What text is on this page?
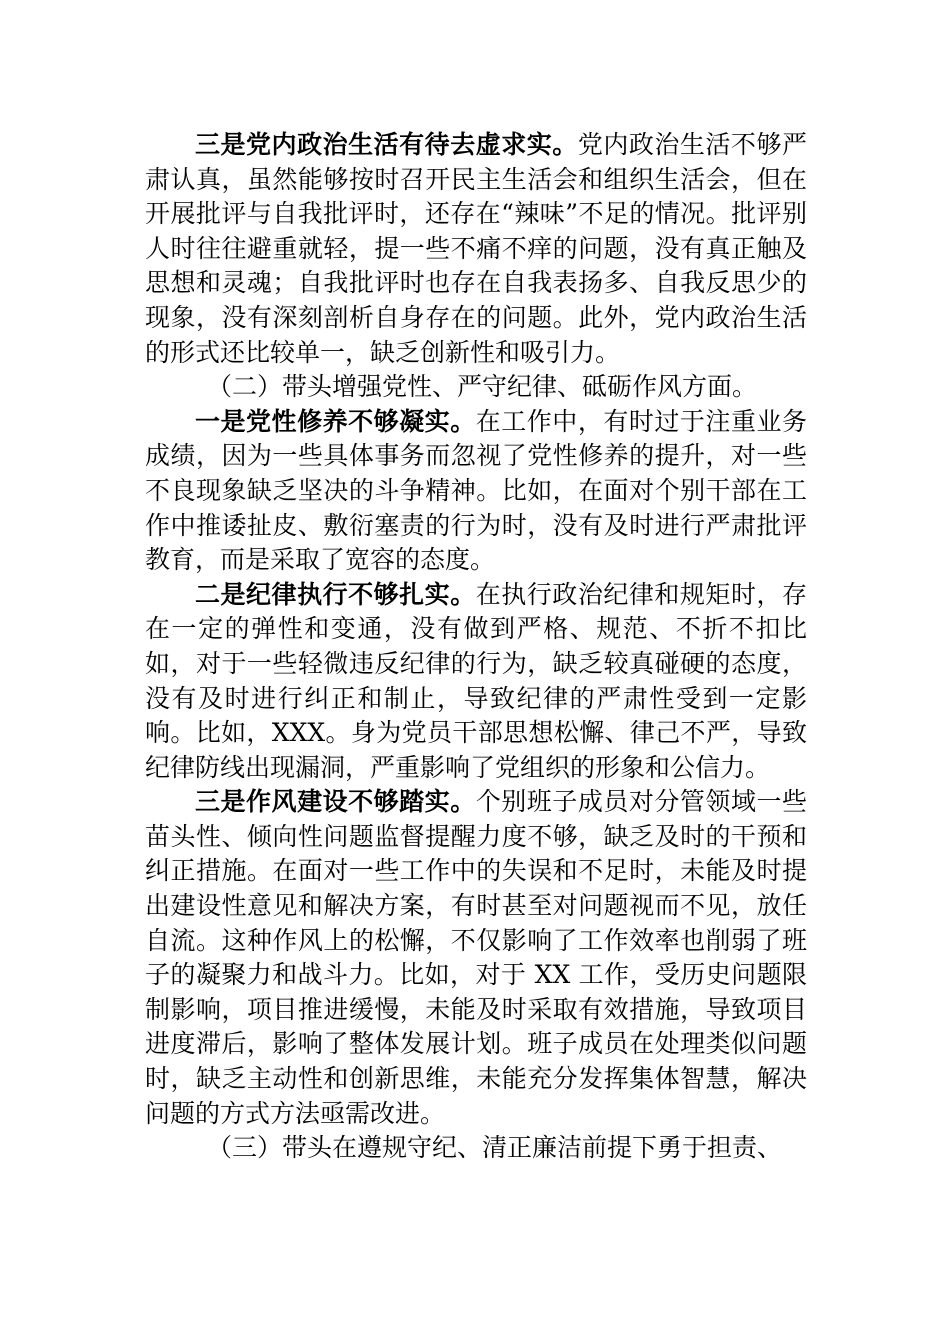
三是党内政治生活有待去虚求实。党内政治生活不够严肃认真，虽然能够按时召开民主生活会和组织生活会，但在开展批评与自我批评时，还存在“辣味”不足的情况。批评别人时往往避重就轻，提一些不痛不痒的问题，没有真正触及思想和灵魂；自我批评时也存在自我表扬多、自我反思少的现象，没有深刻剖析自身存在的问题。此外，党内政治生活的形式还比较单一，缺乏创新性和吸引力。

（二）带头增强党性、严守纪律、砥砺作风方面。

一是党性修养不够凝实。在工作中，有时过于注重业务成绩，因为一些具体事务而忽视了党性修养的提升，对一些不良现象缺乏坚决的斗争精神。比如，在面对个别干部在工作中推诿扯皮、敷衍塞责的行为时，没有及时进行严肃批评教育，而是采取了宽容的态度。

二是纪律执行不够扎实。在执行政治纪律和规矩时，存在一定的弹性和变通，没有做到严格、规范、不折不扣比如，对于一些轻微违反纪律的行为，缺乏较真碰硬的态度，没有及时进行纠正和制止，导致纪律的严肃性受到一定影响。比如，XXX。身为党员干部思想松懈、律己不严，导致纪律防线出现漏洞，严重影响了党组织的形象和公信力。

三是作风建设不够踏实。个别班子成员对分管领域一些苗头性、倾向性问题监督提醒力度不够，缺乏及时的干预和纠正措施。在面对一些工作中的失误和不足时，未能及时提出建设性意见和解决方案，有时甚至对问题视而不见，放任自流。这种作风上的松懈，不仅影响了工作效率也削弱了班子的凝聚力和战斗力。比如，对于 XX 工作，受历史问题限制影响，项目推进缓慢，未能及时采取有效措施，导致项目进度滞后，影响了整体发展计划。班子成员在处理类似问题时，缺乏主动性和创新思维，未能充分发挥集体智慧，解决问题的方式方法亟需改进。

（三）带头在遵规守纪、清正廉洁前提下勇于担责、
